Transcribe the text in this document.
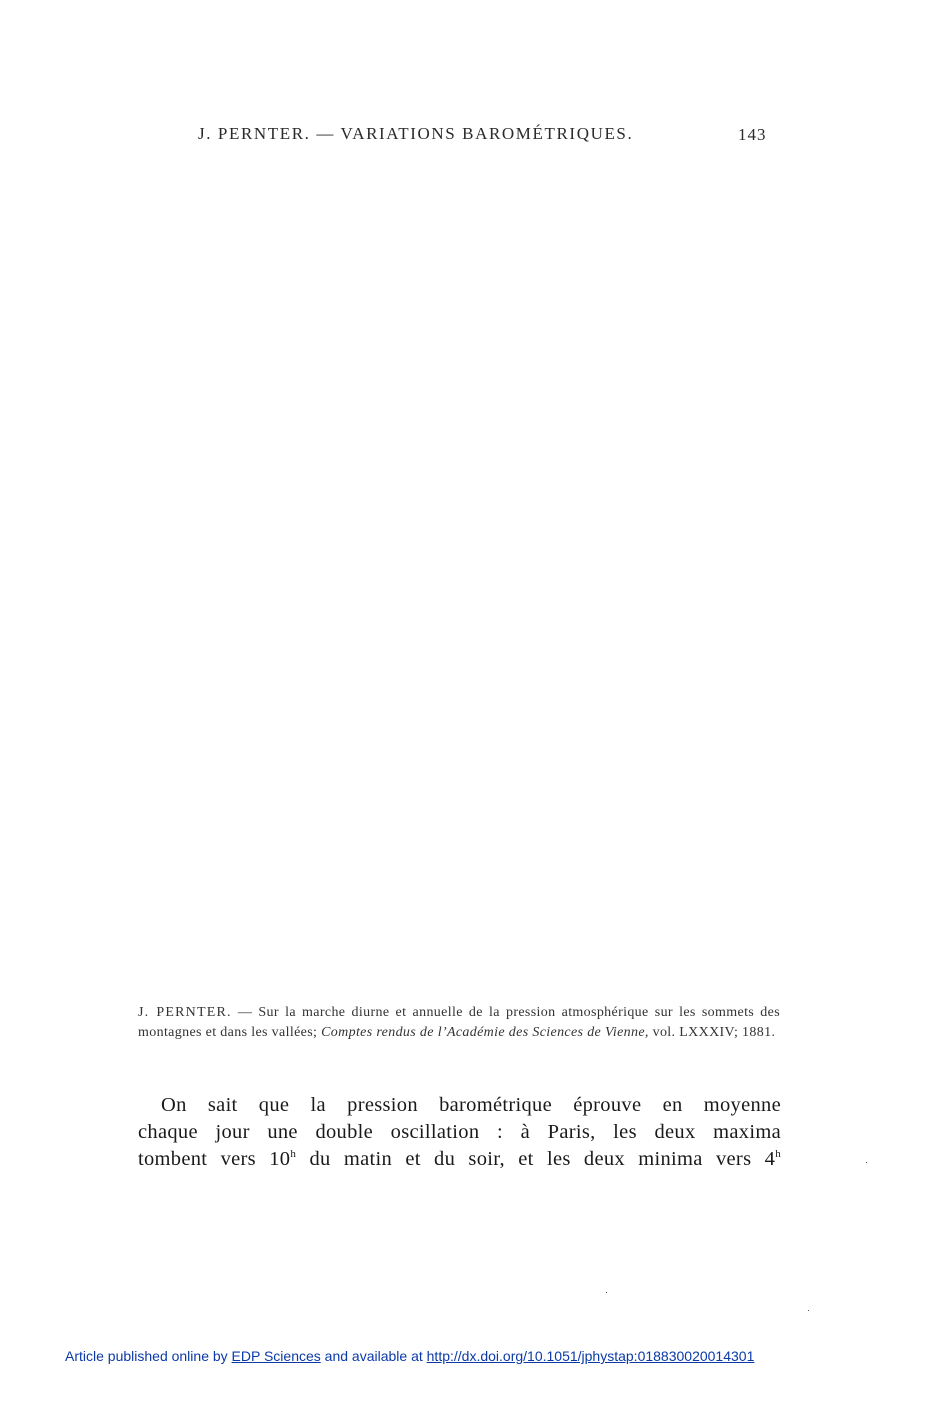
J. PERNTER. — VARIATIONS BAROMÉTRIQUES.	143
J. PERNTER. — Sur la marche diurne et annuelle de la pression atmosphérique sur les sommets des montagnes et dans les vallées; Comptes rendus de l’Académie des Sciences de Vienne, vol. LXXXIV; 1881.
On sait que la pression barométrique éprouve en moyenne
chaque jour une double oscillation : à Paris, les deux maxima
tombent vers 10$^h$ du matin et du soir, et les deux minima vers 4$^h$
Article published online by EDP Sciences and available at http://dx.doi.org/10.1051/jphystap:018830020014301
